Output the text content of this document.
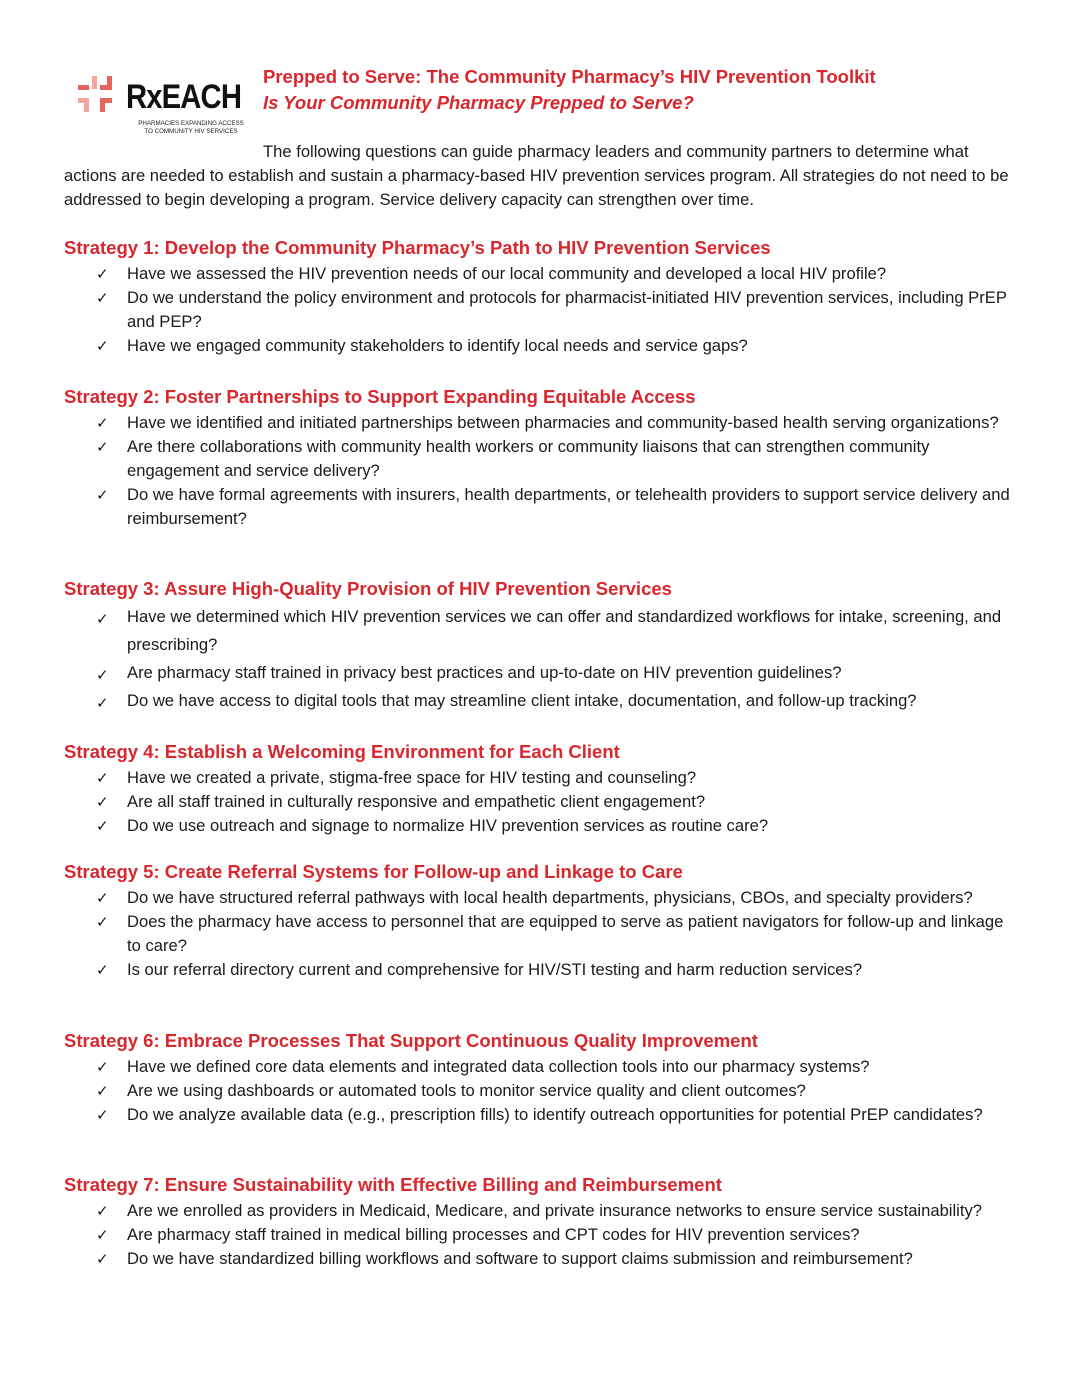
RxEACH
PHARMACIES EXPANDING ACCESS TO COMMUNITY HIV SERVICES
Prepped to Serve: The Community Pharmacy’s HIV Prevention Toolkit
Is Your Community Pharmacy Prepped to Serve?

The following questions can guide pharmacy leaders and community partners to determine what actions are needed to establish and sustain a pharmacy-based HIV prevention services program. All strategies do not need to be addressed to begin developing a program. Service delivery capacity can strengthen over time.

Strategy 1: Develop the Community Pharmacy’s Path to HIV Prevention Services
✓ Have we assessed the HIV prevention needs of our local community and developed a local HIV profile?
✓ Do we understand the policy environment and protocols for pharmacist-initiated HIV prevention services, including PrEP and PEP?
✓ Have we engaged community stakeholders to identify local needs and service gaps?
Strategy 2: Foster Partnerships to Support Expanding Equitable Access
✓ Have we identified and initiated partnerships between pharmacies and community-based health serving organizations?
✓ Are there collaborations with community health workers or community liaisons that can strengthen community engagement and service delivery?
✓ Do we have formal agreements with insurers, health departments, or telehealth providers to support service delivery and reimbursement?
Strategy 3: Assure High-Quality Provision of HIV Prevention Services
✓ Have we determined which HIV prevention services we can offer and standardized workflows for intake, screening, and prescribing?
✓ Are pharmacy staff trained in privacy best practices and up-to-date on HIV prevention guidelines?
✓ Do we have access to digital tools that may streamline client intake, documentation, and follow-up tracking?
Strategy 4: Establish a Welcoming Environment for Each Client
✓ Have we created a private, stigma-free space for HIV testing and counseling?
✓ Are all staff trained in culturally responsive and empathetic client engagement?
✓ Do we use outreach and signage to normalize HIV prevention services as routine care?
Strategy 5: Create Referral Systems for Follow-up and Linkage to Care
✓ Do we have structured referral pathways with local health departments, physicians, CBOs, and specialty providers?
✓ Does the pharmacy have access to personnel that are equipped to serve as patient navigators for follow-up and linkage to care?
✓ Is our referral directory current and comprehensive for HIV/STI testing and harm reduction services?
Strategy 6: Embrace Processes That Support Continuous Quality Improvement
✓ Have we defined core data elements and integrated data collection tools into our pharmacy systems?
✓ Are we using dashboards or automated tools to monitor service quality and client outcomes?
✓ Do we analyze available data (e.g., prescription fills) to identify outreach opportunities for potential PrEP candidates?
Strategy 7: Ensure Sustainability with Effective Billing and Reimbursement
✓ Are we enrolled as providers in Medicaid, Medicare, and private insurance networks to ensure service sustainability?
✓ Are pharmacy staff trained in medical billing processes and CPT codes for HIV prevention services?
✓ Do we have standardized billing workflows and software to support claims submission and reimbursement?
